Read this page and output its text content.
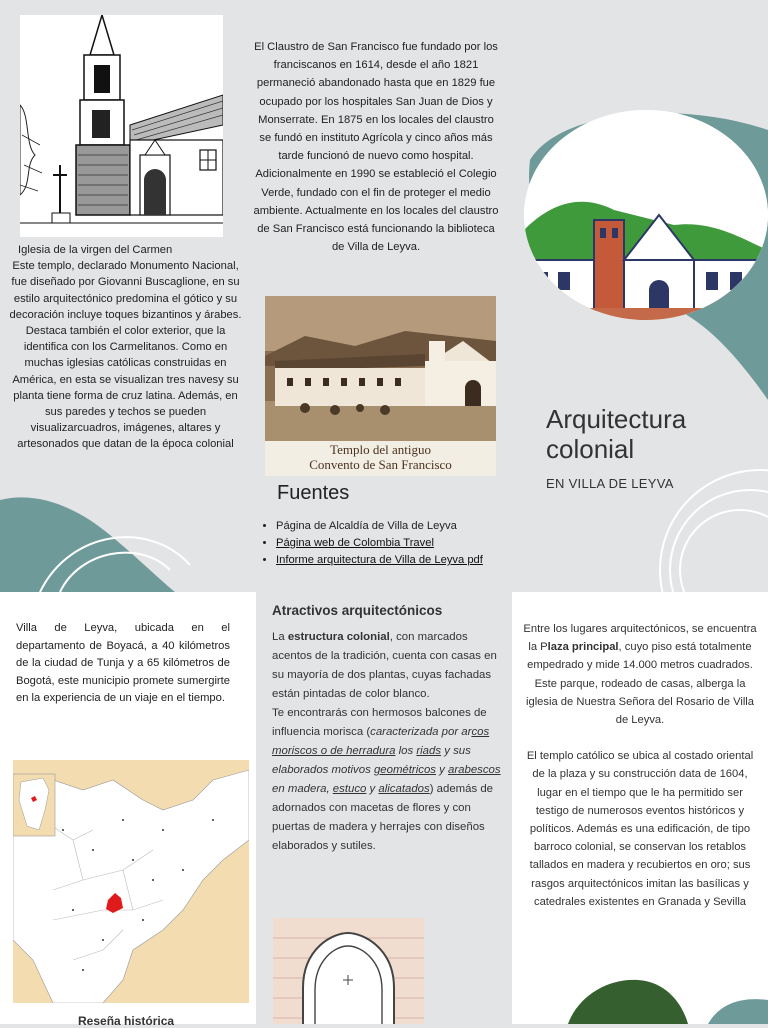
Iglesia de la virgen del Carmen
Este templo, declarado Monumento Nacional, fue diseñado por Giovanni Buscaglione, en su estilo arquitectónico predomina el gótico y su decoración incluye toques bizantinos y árabes. Destaca también el color exterior, que la identifica con los Carmelitanos. Como en muchas iglesias católicas construidas en América, en esta se visualizan tres navesy su planta tiene forma de cruz latina. Además, en sus paredes y techos se pueden visualizarcuadros, imágenes, altares y artesonados que datan de la época colonial
El Claustro de San Francisco fue fundado por los franciscanos en 1614, desde el año 1821 permaneció abandonado hasta que en 1829 fue ocupado por los hospitales San Juan de Dios y Monserrate. En 1875 en los locales del claustro se fundó en instituto Agrícola y cinco años más tarde funcionó de nuevo como hospital. Adicionalmente en 1990 se estableció el Colegio Verde, fundado con el fin de proteger el medio ambiente. Actualmente en los locales del claustro de San Francisco está funcionando la biblioteca de Villa de Leyva.
Templo del antiguo
Convento de San Francisco
Fuentes
• Página de Alcaldía de Villa de Leyva
• Página web de Colombia Travel
• Informe arquitectura de Villa de Leyva pdf
Arquitectura
colonial
EN VILLA DE LEYVA
Villa de Leyva, ubicada en el departamento de Boyacá, a 40 kilómetros de la ciudad de Tunja y a 65 kilómetros de Bogotá, este municipio promete sumergirte en la experiencia de un viaje en el tiempo.
Reseña histórica
Atractivos arquitectónicos
La estructura colonial, con marcados acentos de la tradición, cuenta con casas en su mayoría de dos plantas, cuyas fachadas están pintadas de color blanco.
Te encontrarás con hermosos balcones de influencia morisca (caracterizada por arcos moriscos o de herradura los riads y sus elaborados motivos geométricos y arabescos en madera, estuco y alicatados) además de adornados con macetas de flores y con puertas de madera y herrajes con diseños elaborados y sutiles.
Entre los lugares arquitectónicos, se encuentra la Plaza principal, cuyo piso está totalmente empedrado y mide 14.000 metros cuadrados. Este parque, rodeado de casas, alberga la iglesia de Nuestra Señora del Rosario de Villa de Leyva.
El templo católico se ubica al costado oriental de la plaza y su construcción data de 1604, lugar en el tiempo que le ha permitido ser testigo de numerosos eventos históricos y políticos. Además es una edificación, de tipo barroco colonial, se conservan los retablos tallados en madera y recubiertos en oro; sus rasgos arquitectónicos imitan las basílicas y catedrales existentes en Granada y Sevilla
